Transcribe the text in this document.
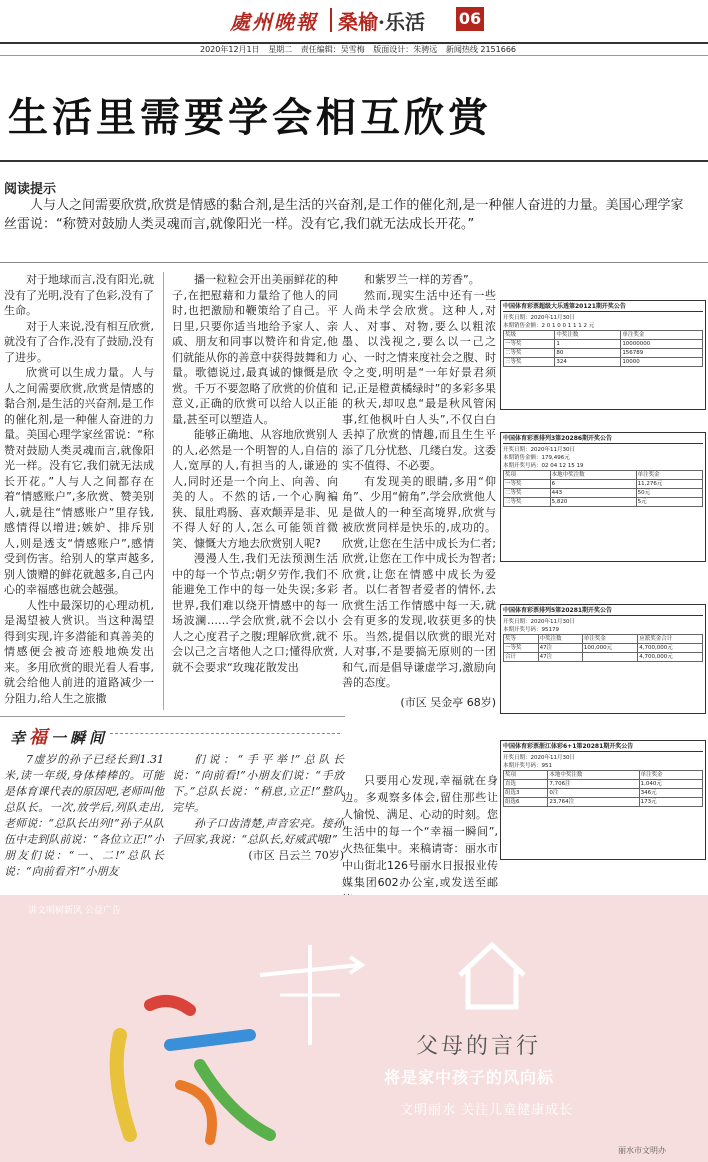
處州晚報 桑榆·乐活 06
2020年12月1日 星期二 责任编辑：吴雪梅 版面设计：朱骋远 新闻热线 2151666
生活里需要学会相互欣赏
阅读提示
人与人之间需要欣赏,欣赏是情感的黏合剂,是生活的兴奋剂,是工作的催化剂,是一种催人奋进的力量。美国心理学家丝雷说：“称赞对鼓励人类灵魂而言,就像阳光一样。没有它,我们就无法成长开花。”

对于地球而言,没有阳光,就没有了光明,没有了色彩,没有了生命。

对于人来说,没有相互欣赏,就没有了合作,没有了鼓励,没有了进步。

欣赏可以生成力量。人与人之间需要欣赏,欣赏是情感的黏合剂,是生活的兴奋剂,是工作的催化剂,是一种催人奋进的力量。美国心理学家丝雷说：“称赞对鼓励人类灵魂而言,就像阳光一样。没有它,我们就无法成长开花。”人与人之间都存在着“情感账户”,多欣赏、赞美别人,就是往“情感账户”里存钱,感情得以增进;嫉妒、排斥别人,则是透支“情感账户”,感情受到伤害。给别人的掌声越多,别人馈赠的鲜花就越多,自己内心的幸福感也就会越强。

人性中最深切的心理动机,是渴望被人赏识。当这种渴望得到实现,许多潜能和真善美的情感便会被奇迹般地焕发出来。多用欣赏的眼光看人看事,就会给他人前进的道路减少一分阻力,给人生之旅撒

播一粒粒会开出美丽鲜花的种子,在把慰藉和力量给了他人的同时,也把激励和鞭策给了自己。平日里,只要你适当地给予家人、亲戚、朋友和同事以赞许和肯定,他们就能从你的善意中获得鼓舞和力量。歌德说过,最真诚的慷慨是欣赏。千万不要忽略了欣赏的价值和意义,正确的欣赏可以给人以正能量,甚至可以塑造人。

能够正确地、从容地欣赏别人的人,必然是一个明智的人,自信的人,宽厚的人,有担当的人,谦逊的人,同时还是一个向上、向善、向美的人。不然的话,一个心胸褊狭、鼠肚鸡肠、喜欢颠弄是非、见不得人好的人,怎么可能领首微笑、慷慨大方地去欣赏别人呢?

漫漫人生,我们无法预测生活中的每一个节点;朝夕劳作,我们不能避免工作中的每一处失误;多彩世界,我们难以绕开情感中的每一场波澜……学会欣赏,就不会以小人之心度君子之腹;理解欣赏,就不会以己之言堵他人之口;懂得欣赏,就不会要求“玫瑰花散发出

和紫罗兰一样的芳香”。

然而,现实生活中还有一些人尚未学会欣赏。这种人,对人、对事、对物,要么以粗浓墨、以浅视之,要么以一己之心、一时之情来度社会之腹、时令之变,明明是“一年好景君须记,正是橙黄橘绿时”的多彩多果的秋天,却叹息“最是秋风管闲事,红他枫叶白人头”,不仅白白丢掉了欣赏的情趣,而且生生平添了几分忧愁、几缕白发。这委实不值得、不必要。

有发现美的眼睛,多用“仰角”、少用“俯角”,学会欣赏他人是做人的一种至高境界,欣赏与被欣赏同样是快乐的,成功的。欣赏,让您在生活中成长为仁者;欣赏,让您在工作中成长为智者;欣赏,让您在情感中成长为爱者。以仁者智者爱者的情怀,去欣赏生活工作情感中每一天,就会有更多的发现,收获更多的快乐。当然,提倡以欣赏的眼光对人对事,不是要搞无原则的一团和气,而是倡导谦虚学习,激励向善的态度。

(市区 吴金亭 68岁)

中国体育彩票超级大乐透第20121期开奖公告
开奖日期：2020年11月30日
本期销售金额：2 0 1 0 0 1 1 1 2 元
奖级	中奖注数	单注奖金
一等奖	1	10000000
二等奖	80	156789
三等奖	324	10000
中国体育彩票排列3第20286期开奖公告
开奖日期：2020年11月30日
本期销售金额：179,496元
本期开奖号码：02 04 12 15 19
奖项	本地中奖注数	单注奖金
一等奖	6	11,276元
二等奖	443	50元
三等奖	5,820	5元
中国体育彩票排列5第20281期开奖公告
开奖日期：2020年11月30日
本期开奖号码：95179
奖等	中奖注数	单注奖金	应派奖金合计
一等奖	47注	100,000元	4,700,000元
合计	47注		4,700,000元
中国体育彩票浙江体彩6+1第20281期开奖公告
开奖日期：2020年11月30日
本期开奖号码：951
奖项	本地中奖注数	单注奖金
直选	7,706注	1,040元
组选3	0注	346元
组选6	23,764注	173元
幸福一瞬间

7虚岁的孙子已经长到1.31米,读一年级,身体棒棒的。可能是体育课代表的原因吧,老师叫他总队长。一次,放学后,列队走出,老师说：“总队长出列!”孙子从队伍中走到队前说：“各位立正!”小朋友们说：“一、二!”总队长说：“向前看齐!”小朋友

们说：“手平举!”总队长说：“向前看!”小朋友们说：“手放下。”总队长说：“稍息,立正!”整队完毕。

孙子口齿清楚,声音宏亮。接孙子回家,我说：“总队长,好威武哦!”

(市区 吕云兰 70岁)

只要用心发现,幸福就在身边。多观察多体会,留住那些让人愉悦、满足、心动的时刻。您生活中的每一个“幸福一瞬间”,火热征集中。来稿请寄：丽水市中山街北126号丽水日报报业传媒集团602办公室,或发送至邮

讲文明树新风 公益广告
父母的言行
将是家中孩子的风向标
文明丽水 关注儿童健康成长
丽水市文明办
